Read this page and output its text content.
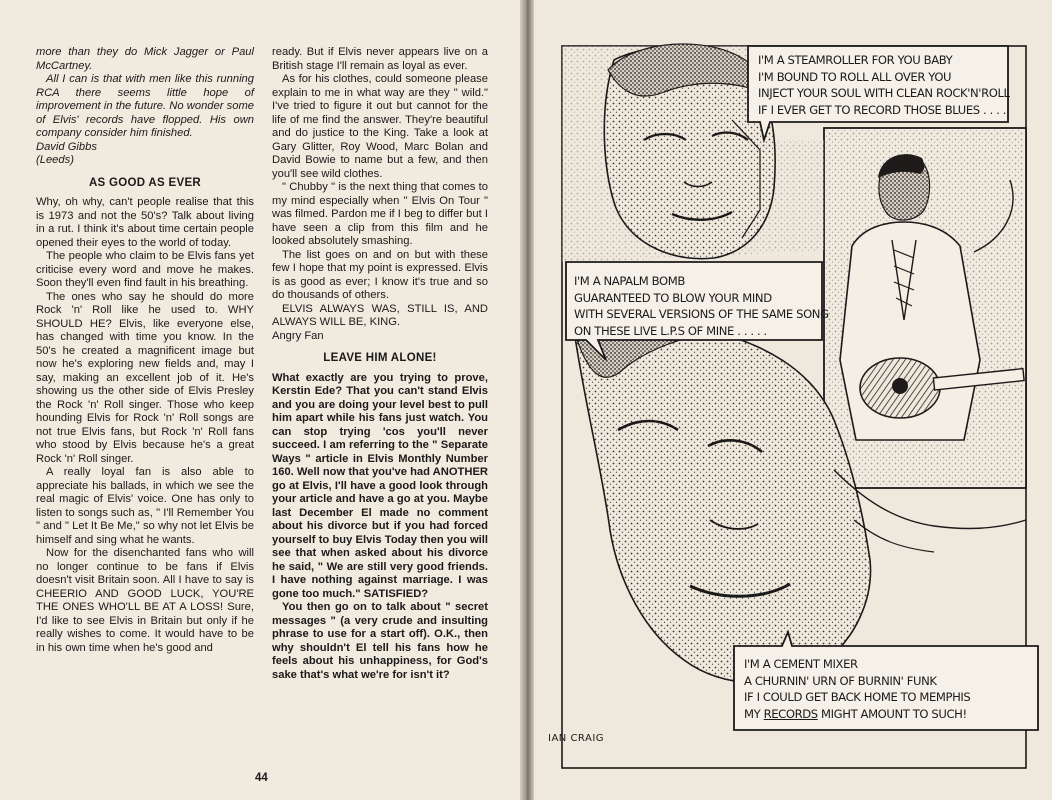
more than they do Mick Jagger or Paul McCartney.

All I can is that with men like this running RCA there seems little hope of improvement in the future. No wonder some of Elvis' records have flopped. His own company consider him finished.

David Gibbs

(Leeds)

AS GOOD AS EVER

Why, oh why, can't people realise that this is 1973 and not the 50's? Talk about living in a rut. I think it's about time certain people opened their eyes to the world of today.

The people who claim to be Elvis fans yet criticise every word and move he makes. Soon they'll even find fault in his breathing.

The ones who say he should do more Rock 'n' Roll like he used to. WHY SHOULD HE? Elvis, like everyone else, has changed with time you know. In the 50's he created a magnificent image but now he's exploring new fields and, may I say, making an excellent job of it. He's showing us the other side of Elvis Presley the Rock 'n' Roll singer. Those who keep hounding Elvis for Rock 'n' Roll songs are not true Elvis fans, but Rock 'n' Roll fans who stood by Elvis because he's a great Rock 'n' Roll singer.

A really loyal fan is also able to appreciate his ballads, in which we see the real magic of Elvis' voice. One has only to listen to songs such as, " I'll Remember You " and " Let It Be Me," so why not let Elvis be himself and sing what he wants.

Now for the disenchanted fans who will no longer continue to be fans if Elvis doesn't visit Britain soon. All I have to say is CHEERIO AND GOOD LUCK, YOU'RE THE ONES WHO'LL BE AT A LOSS! Sure, I'd like to see Elvis in Britain but only if he really wishes to come. It would have to be in his own time when he's good and

ready. But if Elvis never appears live on a British stage I'll remain as loyal as ever.

As for his clothes, could someone please explain to me in what way are they " wild." I've tried to figure it out but cannot for the life of me find the answer. They're beautiful and do justice to the King. Take a look at Gary Glitter, Roy Wood, Marc Bolan and David Bowie to name but a few, and then you'll see wild clothes.

" Chubby " is the next thing that comes to my mind especially when " Elvis On Tour " was filmed. Pardon me if I beg to differ but I have seen a clip from this film and he looked absolutely smashing.

The list goes on and on but with these few I hope that my point is expressed. Elvis is as good as ever; I know it's true and so do thousands of others.

ELVIS ALWAYS WAS, STILL IS, AND ALWAYS WILL BE, KING.

Angry Fan

LEAVE HIM ALONE!

What exactly are you trying to prove, Kerstin Ede? That you can't stand Elvis and you are doing your level best to pull him apart while his fans just watch. You can stop trying 'cos you'll never succeed. I am referring to the " Separate Ways " article in Elvis Monthly Number 160. Well now that you've had ANOTHER go at Elvis, I'll have a good look through your article and have a go at you. Maybe last December El made no comment about his divorce but if you had forced yourself to buy Elvis Today then you will see that when asked about his divorce he said, " We are still very good friends. I have nothing against marriage. I was gone too much." SATISFIED?

You then go on to talk about " secret messages " (a very crude and insulting phrase to use for a start off). O.K., then why shouldn't El tell his fans how he feels about his unhappiness, for God's sake that's what we're for isn't it?

44
I'M A STEAMROLLER FOR YOU BABY
I'M BOUND TO ROLL ALL OVER YOU
INJECT YOUR SOUL WITH CLEAN ROCK'N'ROLL
IF I EVER GET TO RECORD THOSE BLUES . . . .
I'M A NAPALM BOMB
GUARANTEED TO BLOW YOUR MIND
WITH SEVERAL VERSIONS OF THE SAME SONG
ON THESE LIVE L.P.S OF MINE . . . . .
I'M A CEMENT MIXER
A CHURNIN' URN OF BURNIN' FUNK
IF I COULD GET BACK HOME TO MEMPHIS
MY RECORDS MIGHT AMOUNT TO SUCH!
IAN CRAIG
